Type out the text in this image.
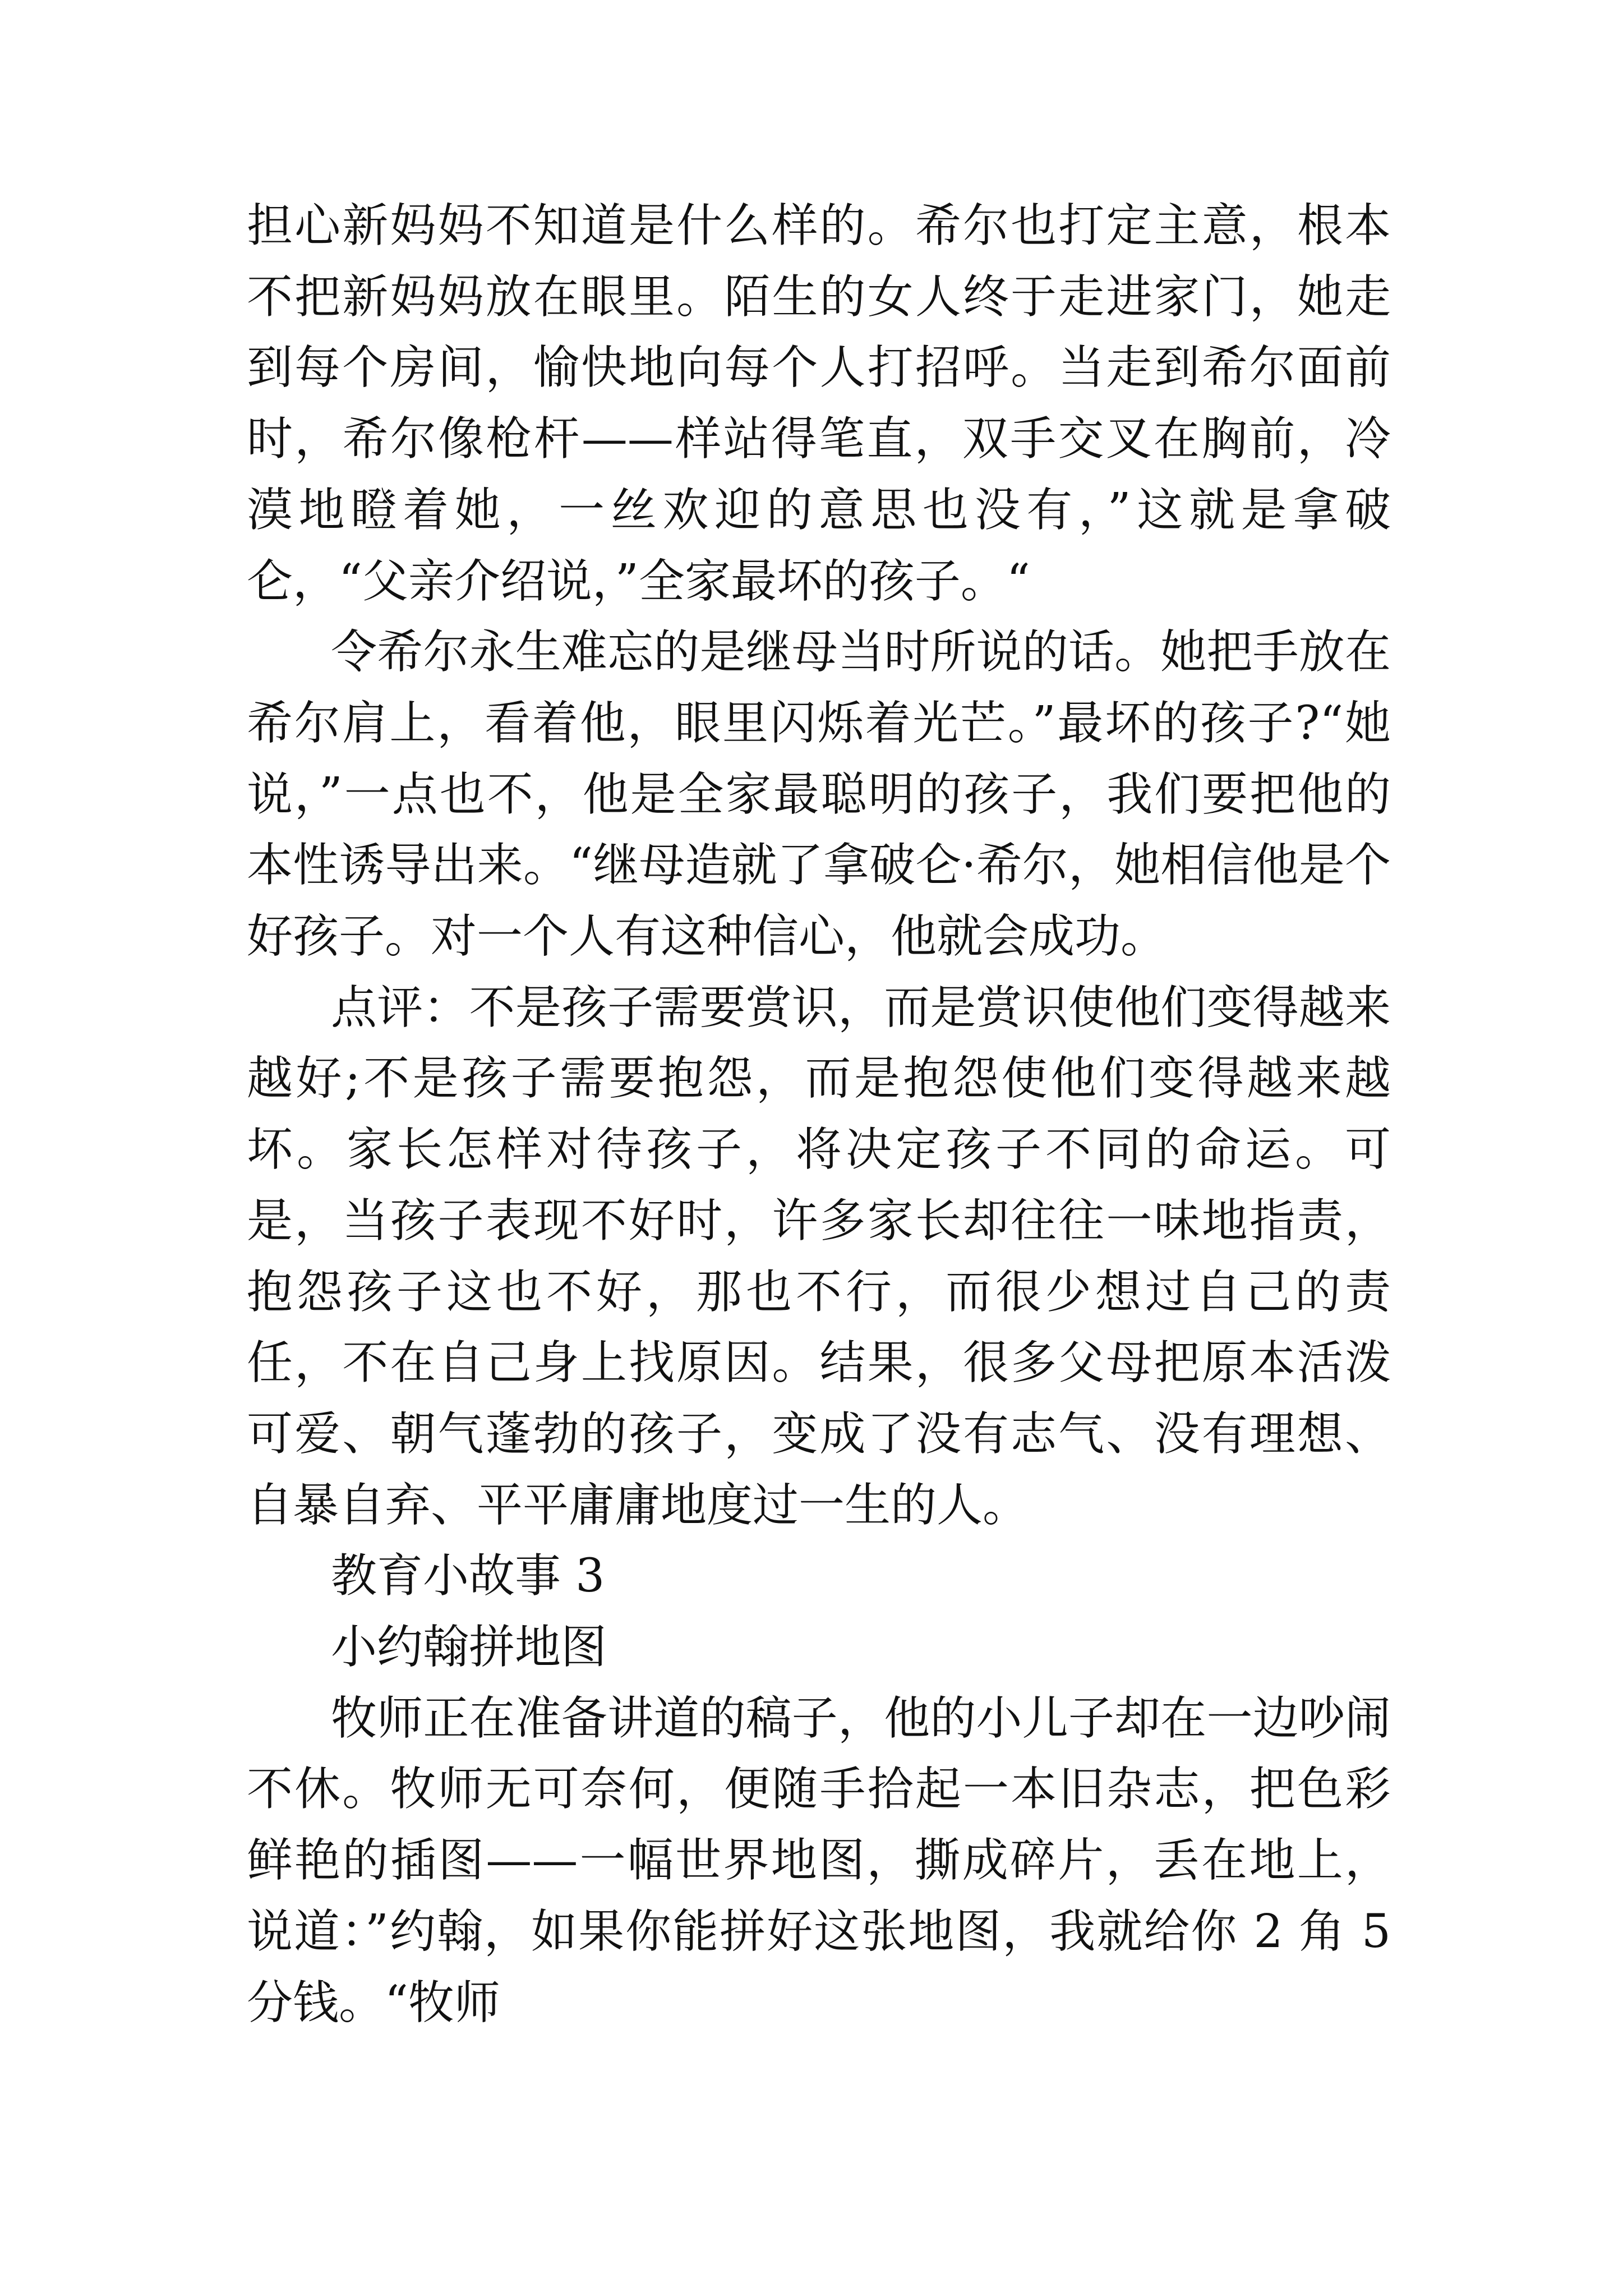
担心新妈妈不知道是什么样的。希尔也打定主意，根本不把新妈妈放在眼里。陌生的女人终于走进家门，她走到每个房间，愉快地向每个人打招呼。当走到希尔面前时，希尔像枪杆——样站得笔直，双手交叉在胸前，冷漠地瞪着她，一丝欢迎的意思也没有，”这就是拿破仑，“父亲介绍说，”全家最坏的孩子。“

令希尔永生难忘的是继母当时所说的话。她把手放在希尔肩上，看着他，眼里闪烁着光芒。”最坏的孩子?“她说，”一点也不，他是全家最聪明的孩子，我们要把他的本性诱导出来。“继母造就了拿破仑·希尔，她相信他是个好孩子。对一个人有这种信心，他就会成功。

点评：不是孩子需要赏识，而是赏识使他们变得越来越好;不是孩子需要抱怨，而是抱怨使他们变得越来越坏。家长怎样对待孩子，将决定孩子不同的命运。可是，当孩子表现不好时，许多家长却往往一味地指责，抱怨孩子这也不好，那也不行，而很少想过自己的责任，不在自己身上找原因。结果，很多父母把原本活泼可爱、朝气蓬勃的孩子，变成了没有志气、没有理想、自暴自弃、平平庸庸地度过一生的人。

教育小故事 3

小约翰拼地图

牧师正在准备讲道的稿子，他的小儿子却在一边吵闹不休。牧师无可奈何，便随手拾起一本旧杂志，把色彩鲜艳的插图——一幅世界地图，撕成碎片，丢在地上，说道：”约翰，如果你能拼好这张地图，我就给你 2 角 5 分钱。“牧师
